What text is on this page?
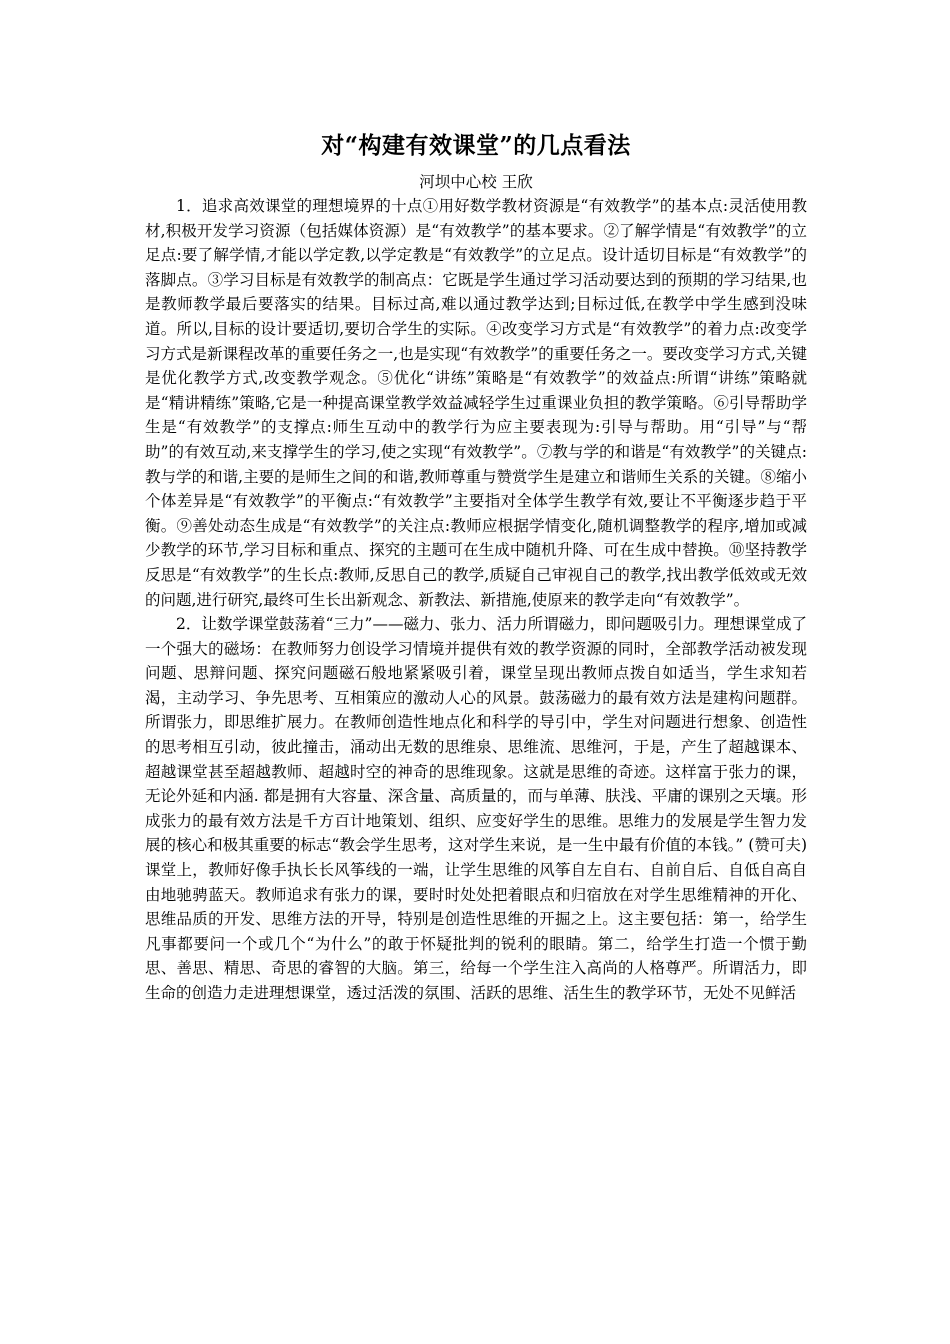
对“构建有效课堂”的几点看法

河坝中心校 王欣

1．追求高效课堂的理想境界的十点①用好数学教材资源是“有效教学”的基本点:灵活使用教材,积极开发学习资源（包括媒体资源）是“有效教学”的基本要求。②了解学情是“有效教学”的立足点:要了解学情,才能以学定教,以学定教是“有效教学”的立足点。设计适切目标是“有效教学”的落脚点。③学习目标是有效教学的制高点：它既是学生通过学习活动要达到的预期的学习结果,也是教师教学最后要落实的结果。目标过高,难以通过教学达到;目标过低,在教学中学生感到没味道。所以,目标的设计要适切,要切合学生的实际。④改变学习方式是“有效教学”的着力点:改变学习方式是新课程改革的重要任务之一,也是实现“有效教学”的重要任务之一。要改变学习方式,关键是优化教学方式,改变教学观念。⑤优化“讲练”策略是“有效教学”的效益点:所谓“讲练”策略就是“精讲精练”策略,它是一种提高课堂教学效益减轻学生过重课业负担的教学策略。⑥引导帮助学生是“有效教学”的支撑点:师生互动中的教学行为应主要表现为:引导与帮助。用“引导”与“帮助”的有效互动,来支撑学生的学习,使之实现“有效教学”。⑦教与学的和谐是“有效教学”的关键点:教与学的和谐,主要的是师生之间的和谐,教师尊重与赞赏学生是建立和谐师生关系的关键。⑧缩小个体差异是“有效教学”的平衡点:“有效教学”主要指对全体学生教学有效,要让不平衡逐步趋于平衡。⑨善处动态生成是“有效教学”的关注点:教师应根据学情变化,随机调整教学的程序,增加或减少教学的环节,学习目标和重点、探究的主题可在生成中随机升降、可在生成中替换。⑩坚持教学反思是“有效教学”的生长点:教师,反思自己的教学,质疑自己审视自己的教学,找出教学低效或无效的问题,进行研究,最终可生长出新观念、新教法、新措施,使原来的教学走向“有效教学”。

2．让数学课堂鼓荡着“三力”——磁力、张力、活力所谓磁力，即问题吸引力。理想课堂成了一个强大的磁场：在教师努力创设学习情境并提供有效的教学资源的同时，全部教学活动被发现问题、思辩问题、探究问题磁石般地紧紧吸引着，课堂呈现出教师点拨自如适当，学生求知若渴，主动学习、争先思考、互相策应的激动人心的风景。鼓荡磁力的最有效方法是建构问题群。所谓张力，即思维扩展力。在教师创造性地点化和科学的导引中，学生对问题进行想象、创造性的思考相互引动，彼此撞击，涌动出无数的思维泉、思维流、思维河，于是，产生了超越课本、超越课堂甚至超越教师、超越时空的神奇的思维现象。这就是思维的奇迹。这样富于张力的课，无论外延和内涵. 都是拥有大容量、深含量、高质量的，而与单薄、肤浅、平庸的课别之天壤。形成张力的最有效方法是千方百计地策划、组织、应变好学生的思维。思维力的发展是学生智力发展的核心和极其重要的标志“教会学生思考，这对学生来说，是一生中最有价值的本钱。” (赞可夫) 课堂上，教师好像手执长长风筝线的一端，让学生思维的风筝自左自右、自前自后、自低自高自由地驰骋蓝天。教师追求有张力的课，要时时处处把着眼点和归宿放在对学生思维精神的开化、思维品质的开发、思维方法的开导，特别是创造性思维的开掘之上。这主要包括：第一，给学生凡事都要问一个或几个“为什么”的敢于怀疑批判的锐利的眼睛。第二，给学生打造一个惯于勤思、善思、精思、奇思的睿智的大脑。第三，给每一个学生注入高尚的人格尊严。所谓活力，即生命的创造力走进理想课堂，透过活泼的氛围、活跃的思维、活生生的教学环节，无处不见鲜活
